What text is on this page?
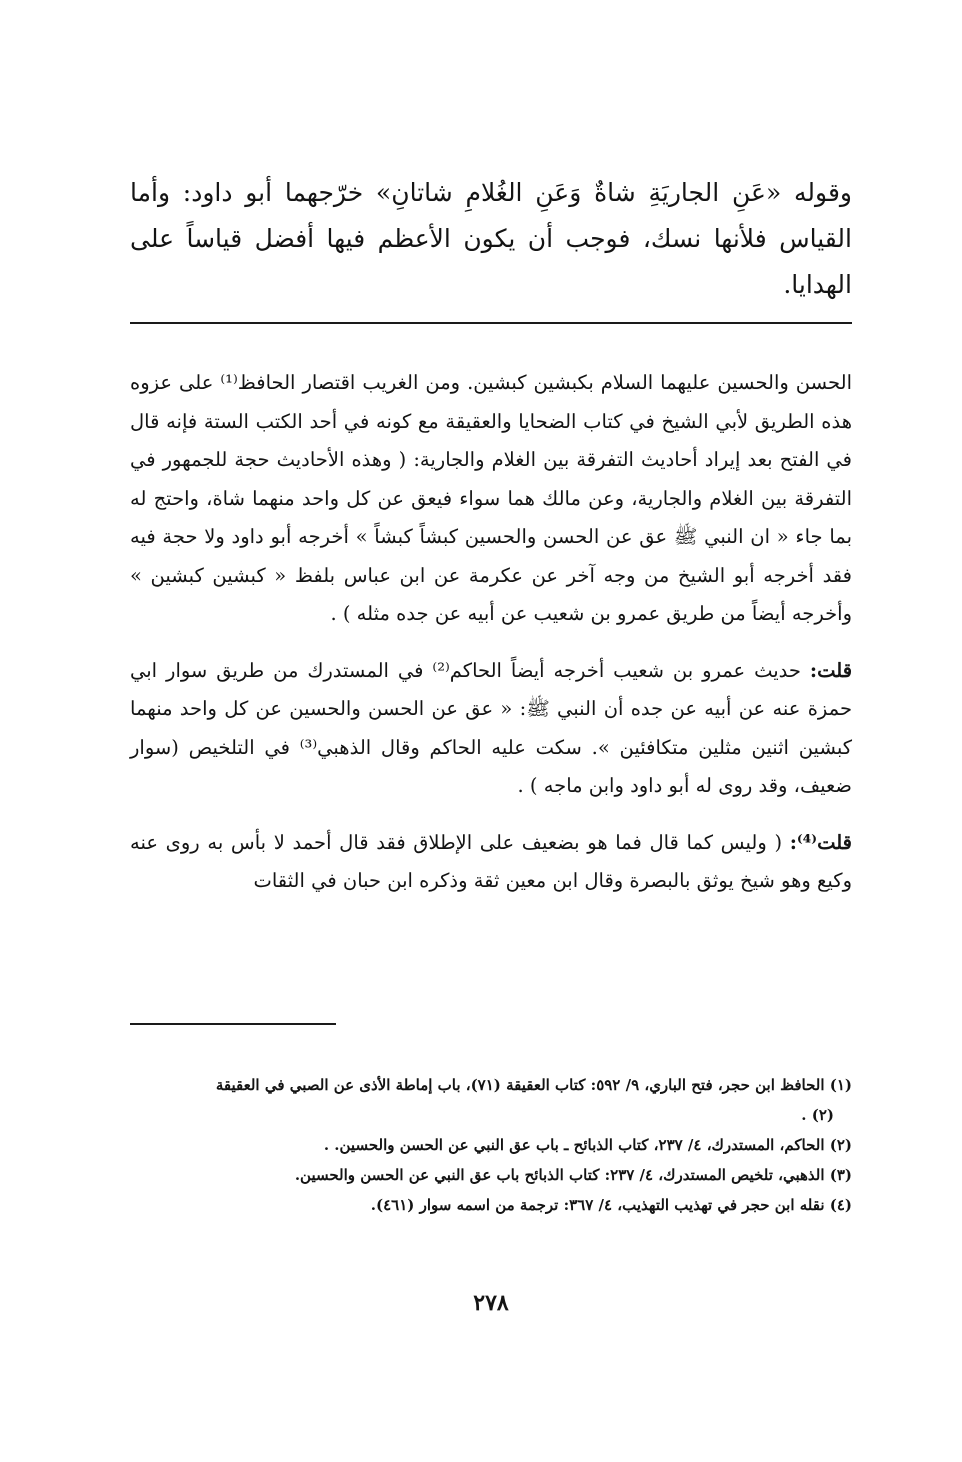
وقوله «عَنِ الجاريَةِ شاةٌ وَعَنِ الغُلامِ شاتانِ» خرّجهما أبو داود: وأما القياس فلأنها نسك، فوجب أن يكون الأعظم فيها أفضل قياساً على الهدايا.

الحسن والحسين عليهما السلام بكبشين كبشين. ومن الغريب اقتصار الحافظ⁽¹⁾ على عزوه هذه الطريق لأبي الشيخ في كتاب الضحايا والعقيقة مع كونه في أحد الكتب الستة فإنه قال في الفتح بعد إيراد أحاديث التفرقة بين الغلام والجارية: ( وهذه الأحاديث حجة للجمهور في التفرقة بين الغلام والجارية، وعن مالك هما سواء فيعق عن كل واحد منهما شاة، واحتج له بما جاء « ان النبي ﷺ عق عن الحسن والحسين كبشاً كبشاً » أخرجه أبو داود ولا حجة فيه فقد أخرجه أبو الشيخ من وجه آخر عن عكرمة عن ابن عباس بلفظ « كبشين كبشين » وأخرجه أيضاً من طريق عمرو بن شعيب عن أبيه عن جده مثله ) .

قلت: حديث عمرو بن شعيب أخرجه أيضاً الحاكم⁽²⁾ في المستدرك من طريق سوار ابي حمزة عنه عن أبيه عن جده أن النبي ﷺ: « عق عن الحسن والحسين عن كل واحد منهما كبشين اثنين مثلين متكافئين ». سكت عليه الحاكم وقال الذهبي⁽³⁾ في التلخيص (سوار ضعيف، وقد روى له أبو داود وابن ماجه ) .

قلت⁽⁴⁾: ( وليس كما قال فما هو بضعيف على الإطلاق فقد قال أحمد لا بأس به روى عنه وكيع وهو شيخ يوثق بالبصرة وقال ابن معين ثقة وذكره ابن حبان في الثقات

(١) الحافظ ابن حجر، فتح الباري، ٩/ ٥٩٢: كتاب العقيقة (٧١)، باب إماطة الأذى عن الصبي في العقيقة
(٢) .
(٢) الحاكم، المستدرك، ٤/ ٢٣٧، كتاب الذبائح ـ باب عق النبي عن الحسن والحسين. .
(٣) الذهبي، تلخيص المستدرك، ٤/ ٢٣٧: كتاب الذبائح باب عق النبي عن الحسن والحسين.
(٤) نقله ابن حجر في تهذيب التهذيب، ٤/ ٣٦٧: ترجمة من اسمه سوار (٤٦١).

٢٧٨
